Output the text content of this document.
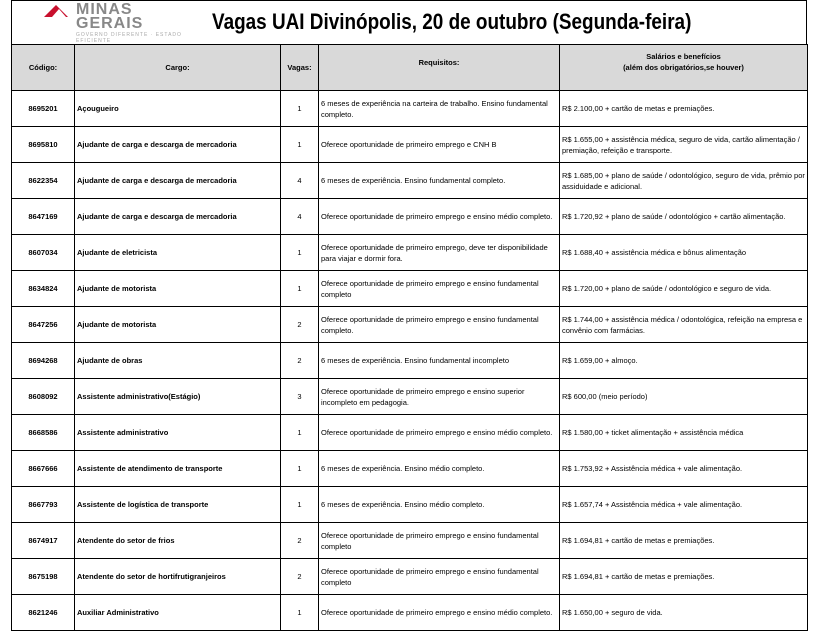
MINAS
GERAIS
GOVERNO DIFERENTE · ESTADO EFICIENTE
Vagas UAI Divinópolis, 20 de outubro (Segunda-feira)
Código:	Cargo:	Vagas:	Requisitos:	Salários e benefícios
(além dos obrigatórios,se houver)

8695201	Açougueiro	1	6 meses de experiência na carteira de trabalho. Ensino fundamental completo.	R$ 2.100,00 + cartão de metas e premiações.
8695810	Ajudante de carga e descarga de mercadoria	1	Oferece oportunidade de primeiro emprego e CNH B	R$ 1.655,00 + assistência médica, seguro de vida, cartão alimentação / premiação, refeição e transporte.
8622354	Ajudante de carga e descarga de mercadoria	4	6 meses de experiência. Ensino fundamental completo.	R$ 1.685,00 + plano de saúde / odontológico, seguro de vida, prêmio por assiduidade e adicional.
8647169	Ajudante de carga e descarga de mercadoria	4	Oferece oportunidade de primeiro emprego e ensino médio completo.	R$ 1.720,92 + plano de saúde / odontológico + cartão alimentação.
8607034	Ajudante de eletricista	1	Oferece oportunidade de primeiro emprego, deve ter disponibilidade para viajar e dormir fora.	R$ 1.688,40 + assistência médica e bônus alimentação
8634824	Ajudante de motorista	1	Oferece oportunidade de primeiro emprego e ensino fundamental completo	R$ 1.720,00 + plano de saúde / odontológico e seguro de vida.
8647256	Ajudante de motorista	2	Oferece oportunidade de primeiro emprego e ensino fundamental completo.	R$ 1.744,00 + assistência médica / odontológica, refeição na empresa e convênio com farmácias.
8694268	Ajudante de obras	2	6 meses de experiência. Ensino fundamental incompleto	R$ 1.659,00 + almoço.
8608092	Assistente administrativo(Estágio)	3	Oferece oportunidade de primeiro emprego e ensino superior incompleto em pedagogia.	R$ 600,00 (meio período)
8668586	Assistente administrativo	1	Oferece oportunidade de primeiro emprego e ensino médio completo.	R$ 1.580,00 + ticket alimentação + assistência médica
8667666	Assistente de atendimento de transporte	1	6 meses de experiência. Ensino médio completo.	R$ 1.753,92 + Assistência médica + vale alimentação.
8667793	Assistente de logística de transporte	1	6 meses de experiência. Ensino médio completo.	R$ 1.657,74 + Assistência médica + vale alimentação.
8674917	Atendente do setor de frios	2	Oferece oportunidade de primeiro emprego e ensino fundamental completo	R$ 1.694,81 + cartão de metas e premiações.
8675198	Atendente do setor de hortifrutigranjeiros	2	Oferece oportunidade de primeiro emprego e ensino fundamental completo	R$ 1.694,81 + cartão de metas e premiações.
8621246	Auxiliar Administrativo	1	Oferece oportunidade de primeiro emprego e ensino médio completo.	R$ 1.650,00 + seguro de vida.
